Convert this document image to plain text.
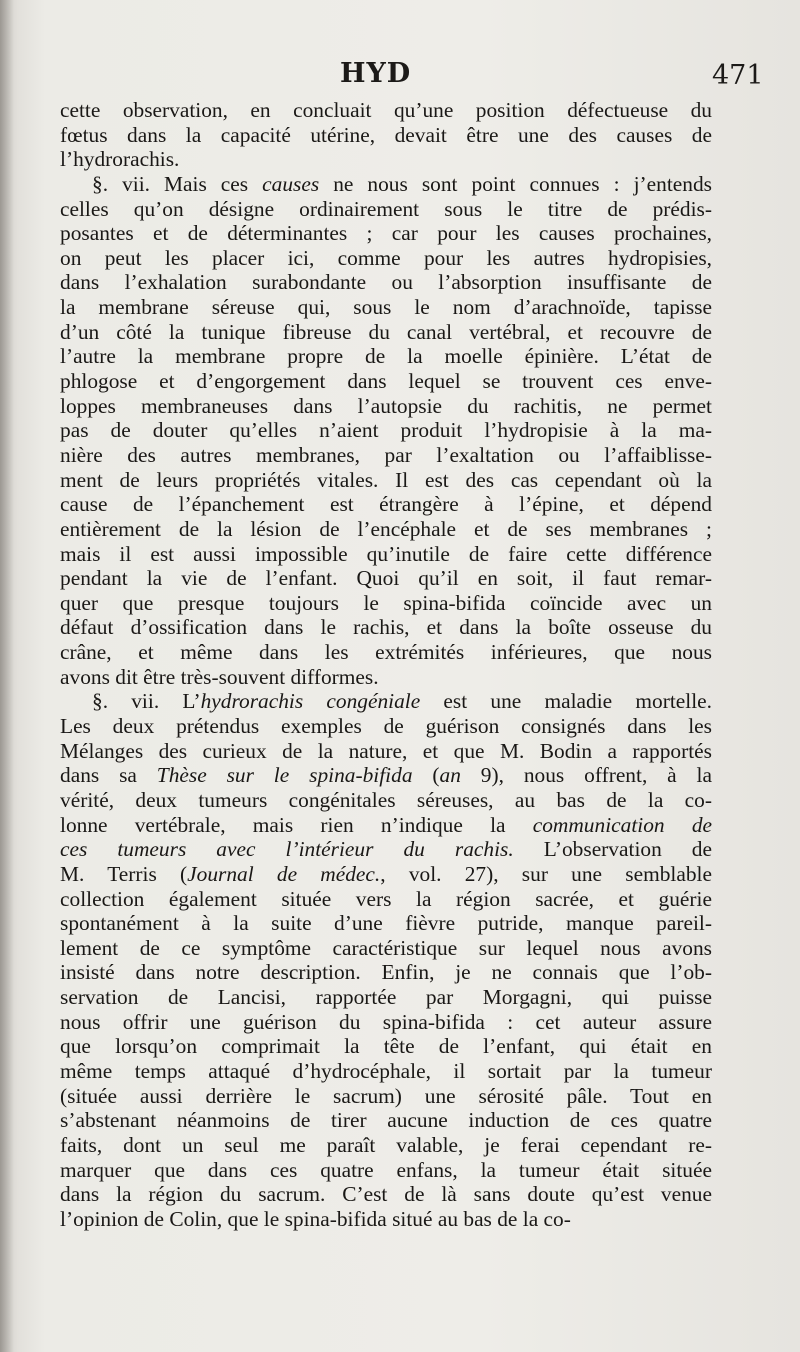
HYD	471
cette observation, en concluait qu’une position défectueuse du
fœtus dans la capacité utérine, devait être une des causes de
l’hydrorachis.
§. vii. Mais ces causes ne nous sont point connues : j’entends
celles qu’on désigne ordinairement sous le titre de prédis-
posantes et de déterminantes ; car pour les causes prochaines,
on peut les placer ici, comme pour les autres hydropisies,
dans l’exhalation surabondante ou l’absorption insuffisante de
la membrane séreuse qui, sous le nom d’arachnoïde, tapisse
d’un côté la tunique fibreuse du canal vertébral, et recouvre de
l’autre la membrane propre de la moelle épinière. L’état de
phlogose et d’engorgement dans lequel se trouvent ces enve-
loppes membraneuses dans l’autopsie du rachitis, ne permet
pas de douter qu’elles n’aient produit l’hydropisie à la ma-
nière des autres membranes, par l’exaltation ou l’affaiblisse-
ment de leurs propriétés vitales. Il est des cas cependant où la
cause de l’épanchement est étrangère à l’épine, et dépend
entièrement de la lésion de l’encéphale et de ses membranes ;
mais il est aussi impossible qu’inutile de faire cette différence
pendant la vie de l’enfant. Quoi qu’il en soit, il faut remar-
quer que presque toujours le spina-bifida coïncide avec un
défaut d’ossification dans le rachis, et dans la boîte osseuse du
crâne, et même dans les extrémités inférieures, que nous
avons dit être très-souvent difformes.
§. vii. L’hydrorachis congéniale est une maladie mortelle.
Les deux prétendus exemples de guérison consignés dans les
Mélanges des curieux de la nature, et que M. Bodin a rapportés
dans sa Thèse sur le spina-bifida (an 9), nous offrent, à la
vérité, deux tumeurs congénitales séreuses, au bas de la co-
lonne vertébrale, mais rien n’indique la communication de
ces tumeurs avec l’intérieur du rachis. L’observation de
M. Terris (Journal de médec., vol. 27), sur une semblable
collection également située vers la région sacrée, et guérie
spontanément à la suite d’une fièvre putride, manque pareil-
lement de ce symptôme caractéristique sur lequel nous avons
insisté dans notre description. Enfin, je ne connais que l’ob-
servation de Lancisi, rapportée par Morgagni, qui puisse
nous offrir une guérison du spina-bifida : cet auteur assure
que lorsqu’on comprimait la tête de l’enfant, qui était en
même temps attaqué d’hydrocéphale, il sortait par la tumeur
(située aussi derrière le sacrum) une sérosité pâle. Tout en
s’abstenant néanmoins de tirer aucune induction de ces quatre
faits, dont un seul me paraît valable, je ferai cependant re-
marquer que dans ces quatre enfans, la tumeur était située
dans la région du sacrum. C’est de là sans doute qu’est venue
l’opinion de Colin, que le spina-bifida situé au bas de la co-
